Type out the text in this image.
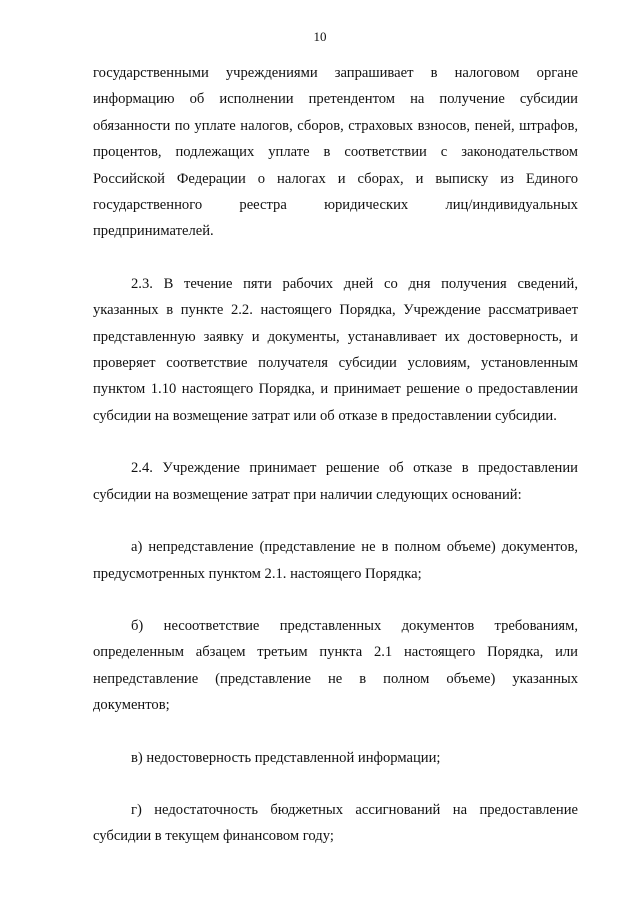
10
государственными учреждениями запрашивает в налоговом органе
информацию об исполнении претендентом на получение субсидии
обязанности по уплате налогов, сборов, страховых взносов, пеней, штрафов,
процентов, подлежащих уплате в соответствии с законодательством
Российской Федерации о налогах и сборах, и выписку из Единого
государственного	реестра	юридических	лиц/индивидуальных
предпринимателей.

2.3. В течение пяти рабочих дней со дня получения сведений, указанных в пункте 2.2. настоящего Порядка, Учреждение рассматривает представленную заявку и документы, устанавливает их достоверность, и проверяет соответствие получателя субсидии условиям, установленным пунктом 1.10 настоящего Порядка, и принимает решение о предоставлении субсидии на возмещение затрат или об отказе в предоставлении субсидии.

2.4. Учреждение принимает решение об отказе в предоставлении субсидии на возмещение затрат при наличии следующих оснований:

а) непредставление (представление не в полном объеме) документов, предусмотренных пунктом 2.1. настоящего Порядка;

б) несоответствие представленных документов требованиям, определенным абзацем третьим пункта 2.1 настоящего Порядка, или непредставление (представление не в полном объеме) указанных документов;

в) недостоверность представленной информации;

г) недостаточность бюджетных ассигнований на предоставление субсидии в текущем финансовом году;
